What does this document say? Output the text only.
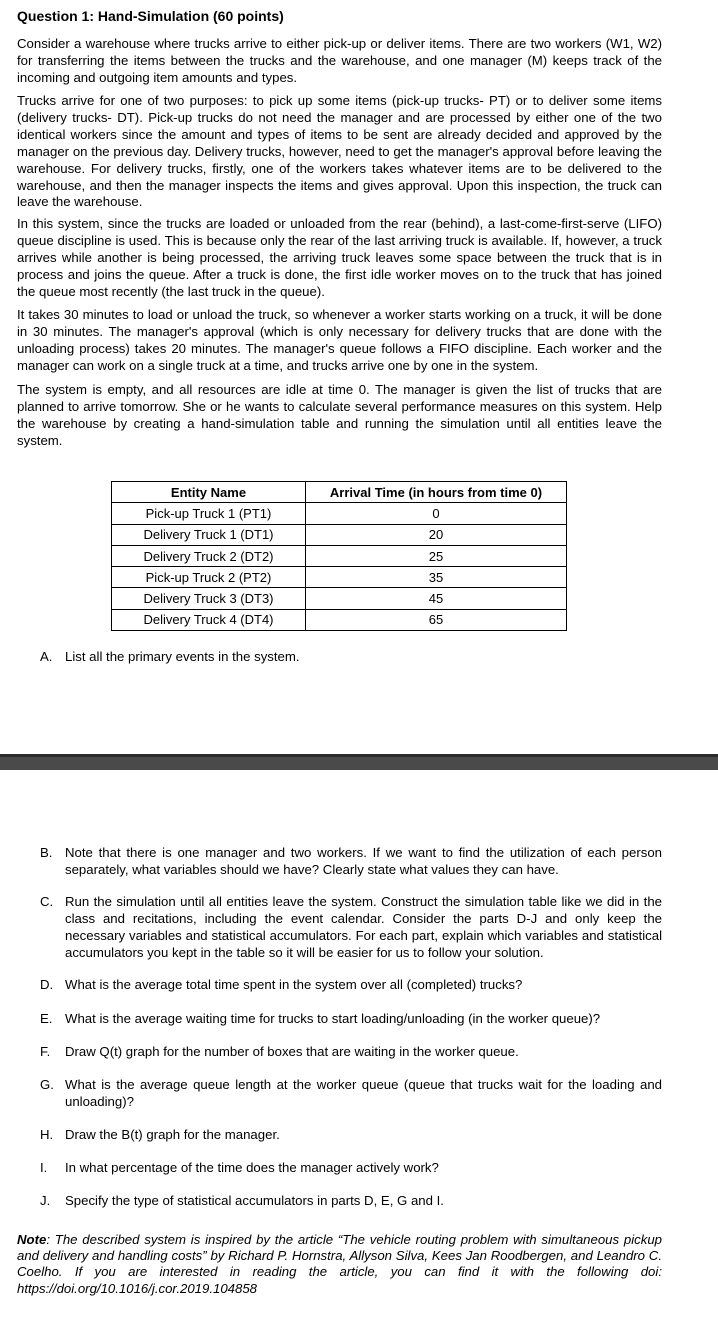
Question 1: Hand-Simulation (60 points)

Consider a warehouse where trucks arrive to either pick-up or deliver items. There are two workers (W1, W2) for transferring the items between the trucks and the warehouse, and one manager (M) keeps track of the incoming and outgoing item amounts and types.

Trucks arrive for one of two purposes: to pick up some items (pick-up trucks- PT) or to deliver some items (delivery trucks- DT). Pick-up trucks do not need the manager and are processed by either one of the two identical workers since the amount and types of items to be sent are already decided and approved by the manager on the previous day. Delivery trucks, however, need to get the manager's approval before leaving the warehouse. For delivery trucks, firstly, one of the workers takes whatever items are to be delivered to the warehouse, and then the manager inspects the items and gives approval. Upon this inspection, the truck can leave the warehouse.

In this system, since the trucks are loaded or unloaded from the rear (behind), a last-come-first-serve (LIFO) queue discipline is used. This is because only the rear of the last arriving truck is available. If, however, a truck arrives while another is being processed, the arriving truck leaves some space between the truck that is in process and joins the queue. After a truck is done, the first idle worker moves on to the truck that has joined the queue most recently (the last truck in the queue).

It takes 30 minutes to load or unload the truck, so whenever a worker starts working on a truck, it will be done in 30 minutes. The manager's approval (which is only necessary for delivery trucks that are done with the unloading process) takes 20 minutes. The manager's queue follows a FIFO discipline. Each worker and the manager can work on a single truck at a time, and trucks arrive one by one in the system.

The system is empty, and all resources are idle at time 0. The manager is given the list of trucks that are planned to arrive tomorrow. She or he wants to calculate several performance measures on this system. Help the warehouse by creating a hand-simulation table and running the simulation until all entities leave the system.

Entity Name	Arrival Time (in hours from time 0)
Pick-up Truck 1 (PT1)	0
Delivery Truck 1 (DT1)	20
Delivery Truck 2 (DT2)	25
Pick-up Truck 2 (PT2)	35
Delivery Truck 3 (DT3)	45
Delivery Truck 4 (DT4)	65
A. List all the primary events in the system.
B. Note that there is one manager and two workers. If we want to find the utilization of each person separately, what variables should we have? Clearly state what values they can have.
C. Run the simulation until all entities leave the system. Construct the simulation table like we did in the class and recitations, including the event calendar. Consider the parts D-J and only keep the necessary variables and statistical accumulators. For each part, explain which variables and statistical accumulators you kept in the table so it will be easier for us to follow your solution.
D. What is the average total time spent in the system over all (completed) trucks?
E. What is the average waiting time for trucks to start loading/unloading (in the worker queue)?
F. Draw Q(t) graph for the number of boxes that are waiting in the worker queue.
G. What is the average queue length at the worker queue (queue that trucks wait for the loading and unloading)?
H. Draw the B(t) graph for the manager.
I. In what percentage of the time does the manager actively work?
J. Specify the type of statistical accumulators in parts D, E, G and I.
Note: The described system is inspired by the article “The vehicle routing problem with simultaneous pickup and delivery and handling costs” by Richard P. Hornstra, Allyson Silva, Kees Jan Roodbergen, and Leandro C. Coelho. If you are interested in reading the article, you can find it with the following doi: https://doi.org/10.1016/j.cor.2019.104858
